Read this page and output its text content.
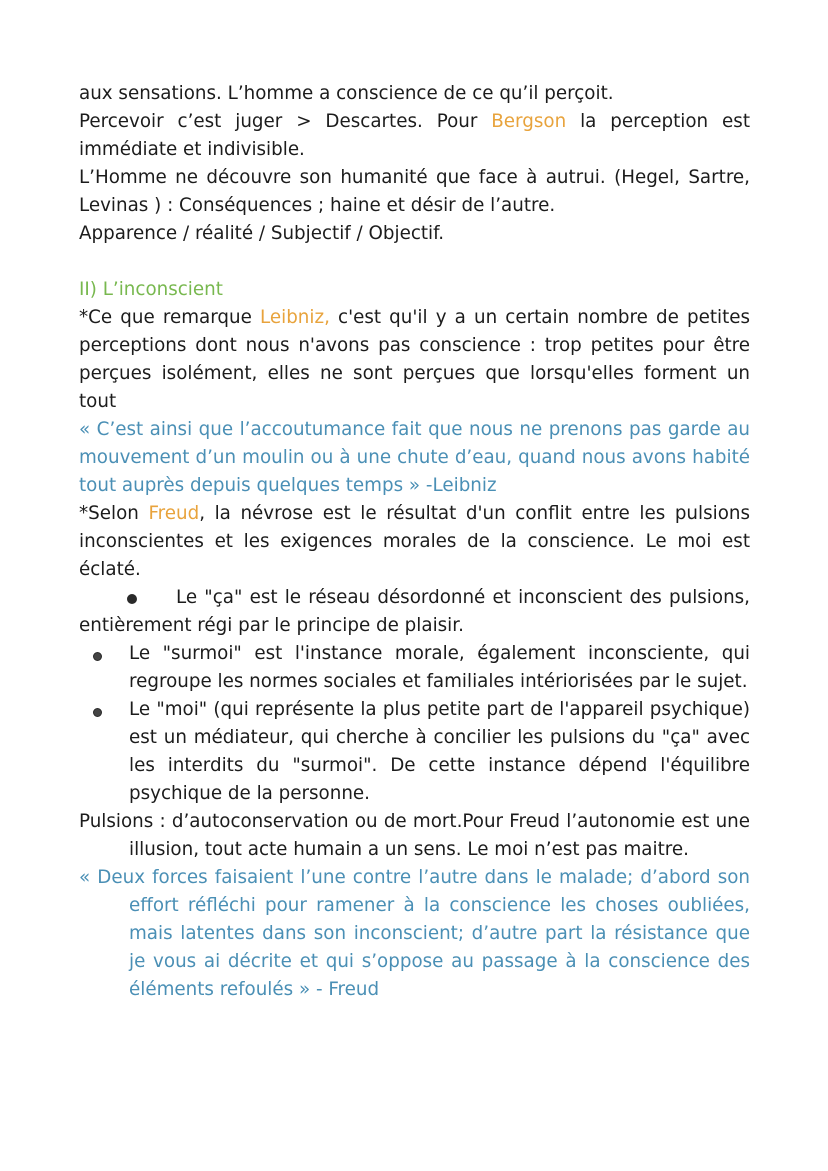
aux sensations. L’homme a conscience de ce qu’il perçoit.

Percevoir c’est juger > Descartes. Pour Bergson la perception est immédiate et indivisible.

L’Homme ne découvre son humanité que face à autrui. (Hegel, Sartre, Levinas ) : Conséquences ; haine et désir de l’autre.

Apparence / réalité / Subjectif / Objectif.

II) L’inconscient

*Ce que remarque Leibniz, c'est qu'il y a un certain nombre de petites perceptions dont nous n'avons pas conscience : trop petites pour être perçues isolément, elles ne sont perçues que lorsqu'elles forment un tout

« C’est ainsi que l’accoutumance fait que nous ne prenons pas garde au mouvement d’un moulin ou à une chute d’eau, quand nous avons habité tout auprès depuis quelques temps » -Leibniz

*Selon Freud, la névrose est le résultat d'un conflit entre les pulsions inconscientes et les exigences morales de la conscience. Le moi est éclaté.

Le "ça" est le réseau désordonné et inconscient des pulsions, entièrement régi par le principe de plaisir.
Le "surmoi" est l'instance morale, également inconsciente, qui regroupe les normes sociales et familiales intériorisées par le sujet.
Le "moi" (qui représente la plus petite part de l'appareil psychique) est un médiateur, qui cherche à concilier les pulsions du "ça" avec les interdits du "surmoi". De cette instance dépend l'équilibre psychique de la personne.

Pulsions : d’autoconservation ou de mort.Pour Freud l’autonomie est une illusion, tout acte humain a un sens. Le moi n’est pas maitre.

« Deux forces faisaient l’une contre l’autre dans le malade; d’abord son effort réfléchi pour ramener à la conscience les choses oubliées, mais latentes dans son inconscient; d’autre part la résistance que je vous ai décrite et qui s’oppose au passage à la conscience des éléments refoulés » - Freud
